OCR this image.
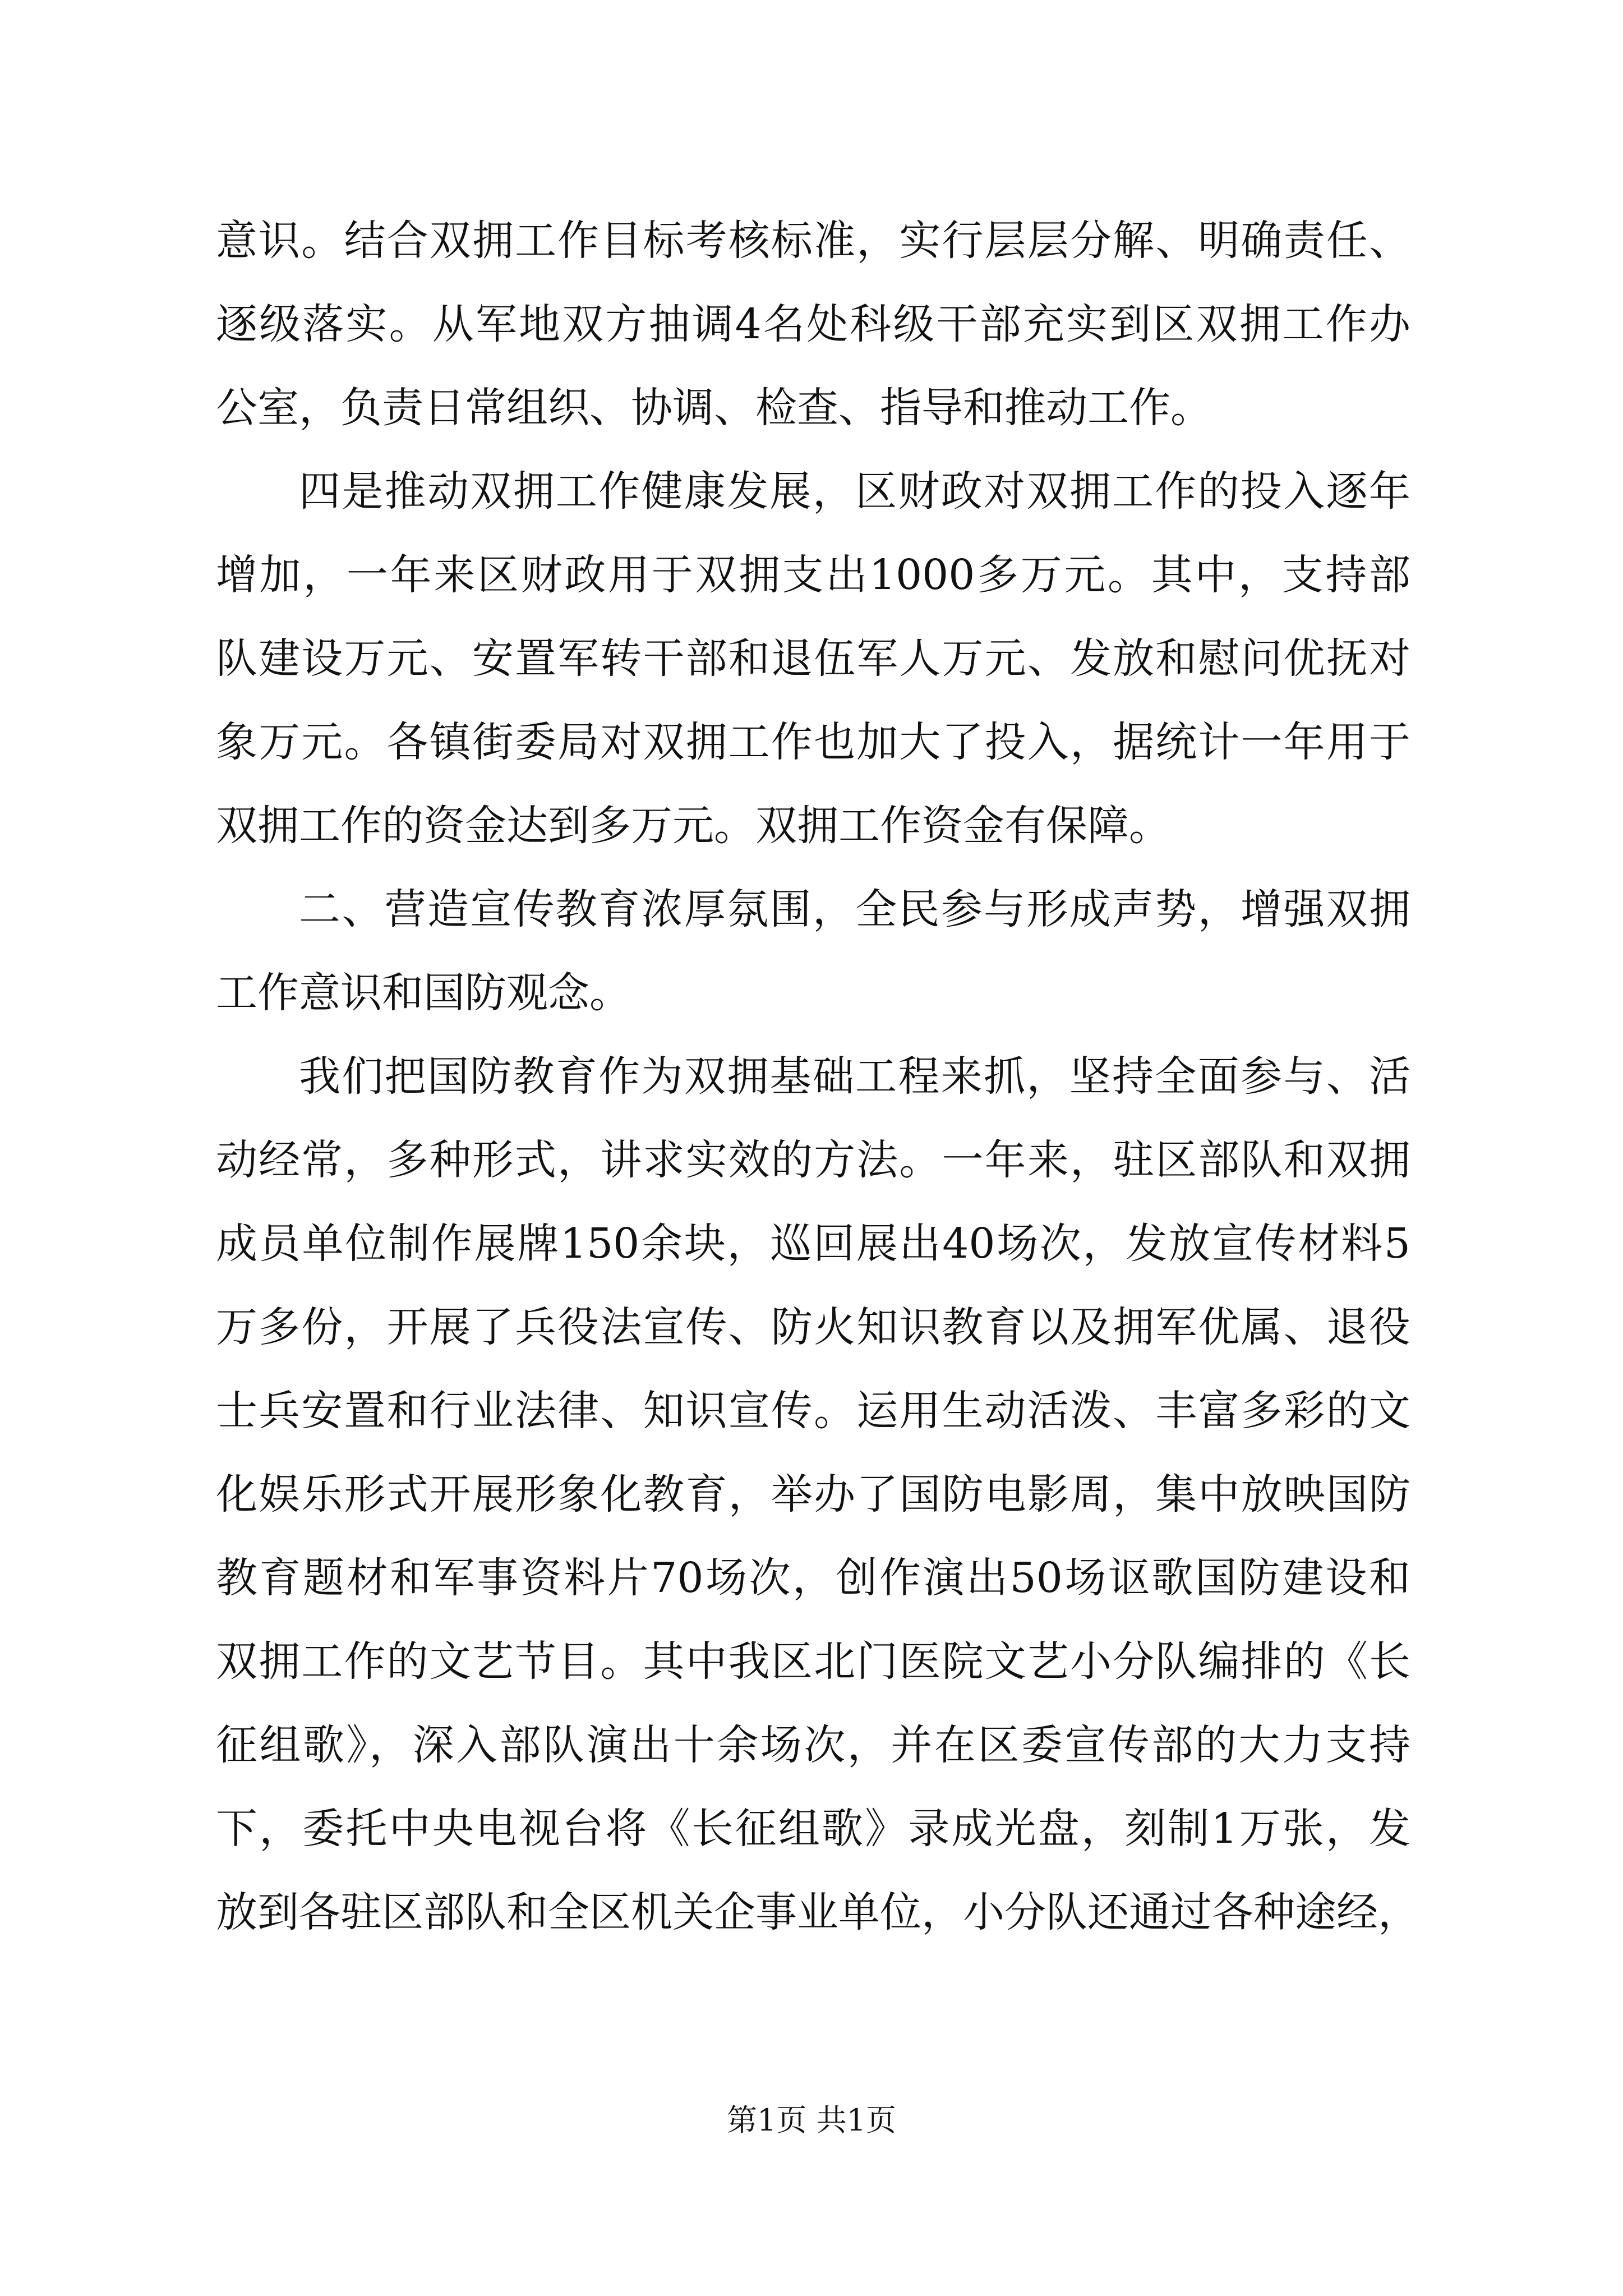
意识。结合双拥工作目标考核标准，实行层层分解、明确责任、
逐级落实。从军地双方抽调4名处科级干部充实到区双拥工作办
公室，负责日常组织、协调、检查、指导和推动工作。
四是推动双拥工作健康发展，区财政对双拥工作的投入逐年
增加，一年来区财政用于双拥支出1000多万元。其中，支持部
队建设万元、安置军转干部和退伍军人万元、发放和慰问优抚对
象万元。各镇街委局对双拥工作也加大了投入，据统计一年用于
双拥工作的资金达到多万元。双拥工作资金有保障。
二、营造宣传教育浓厚氛围，全民参与形成声势，增强双拥
工作意识和国防观念。
我们把国防教育作为双拥基础工程来抓，坚持全面参与、活
动经常，多种形式，讲求实效的方法。一年来，驻区部队和双拥
成员单位制作展牌150余块，巡回展出40场次，发放宣传材料5
万多份，开展了兵役法宣传、防火知识教育以及拥军优属、退役
士兵安置和行业法律、知识宣传。运用生动活泼、丰富多彩的文
化娱乐形式开展形象化教育，举办了国防电影周，集中放映国防
教育题材和军事资料片70场次，创作演出50场讴歌国防建设和
双拥工作的文艺节目。其中我区北门医院文艺小分队编排的《长
征组歌》，深入部队演出十余场次，并在区委宣传部的大力支持
下，委托中央电视台将《长征组歌》录成光盘，刻制1万张，发
放到各驻区部队和全区机关企事业单位，小分队还通过各种途经，
第1页 共1页
